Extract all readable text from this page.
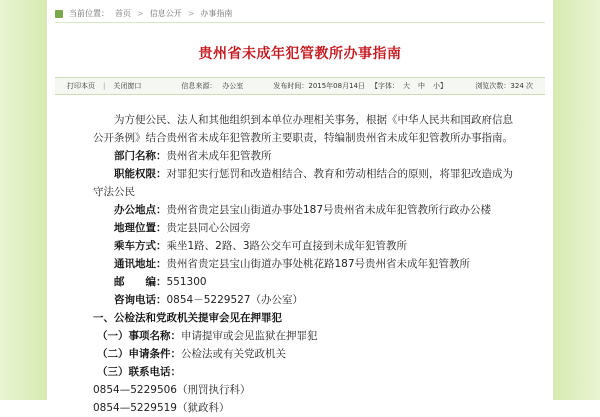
当前位置： 首页 > 信息公开 > 办事指南
贵州省未成年犯管教所办事指南
打印本页 | 关闭窗口	信息来源： 办公室	发布时间： 2015年08月14日 【字体： 大 中 小】	浏览次数： 324 次

为方便公民、法人和其他组织到本单位办理相关事务，根据《中华人民共和国政府信息公开条例》结合贵州省未成年犯管教所主要职责，特编制贵州省未成年犯管教所办事指南。

部门名称：贵州省未成年犯管教所

职能权限：对罪犯实行惩罚和改造相结合、教育和劳动相结合的原则，将罪犯改造成为守法公民

办公地点：贵州省贵定县宝山街道办事处187号贵州省未成年犯管教所行政办公楼

地理位置：贵定县同心公园旁

乘车方式：乘坐1路、2路、3路公交车可直接到未成年犯管教所

通讯地址：贵州省贵定县宝山街道办事处桃花路187号贵州省未成年犯管教所

邮　　编：551300

咨询电话：0854－5229527（办公室）

一、公检法和党政机关提审会见在押罪犯

（一）事项名称：申请提审或会见监狱在押罪犯

（二）申请条件：公检法或有关党政机关

（三）联系电话：

0854—5229506（刑罚执行科）

0854—5229519（狱政科）
